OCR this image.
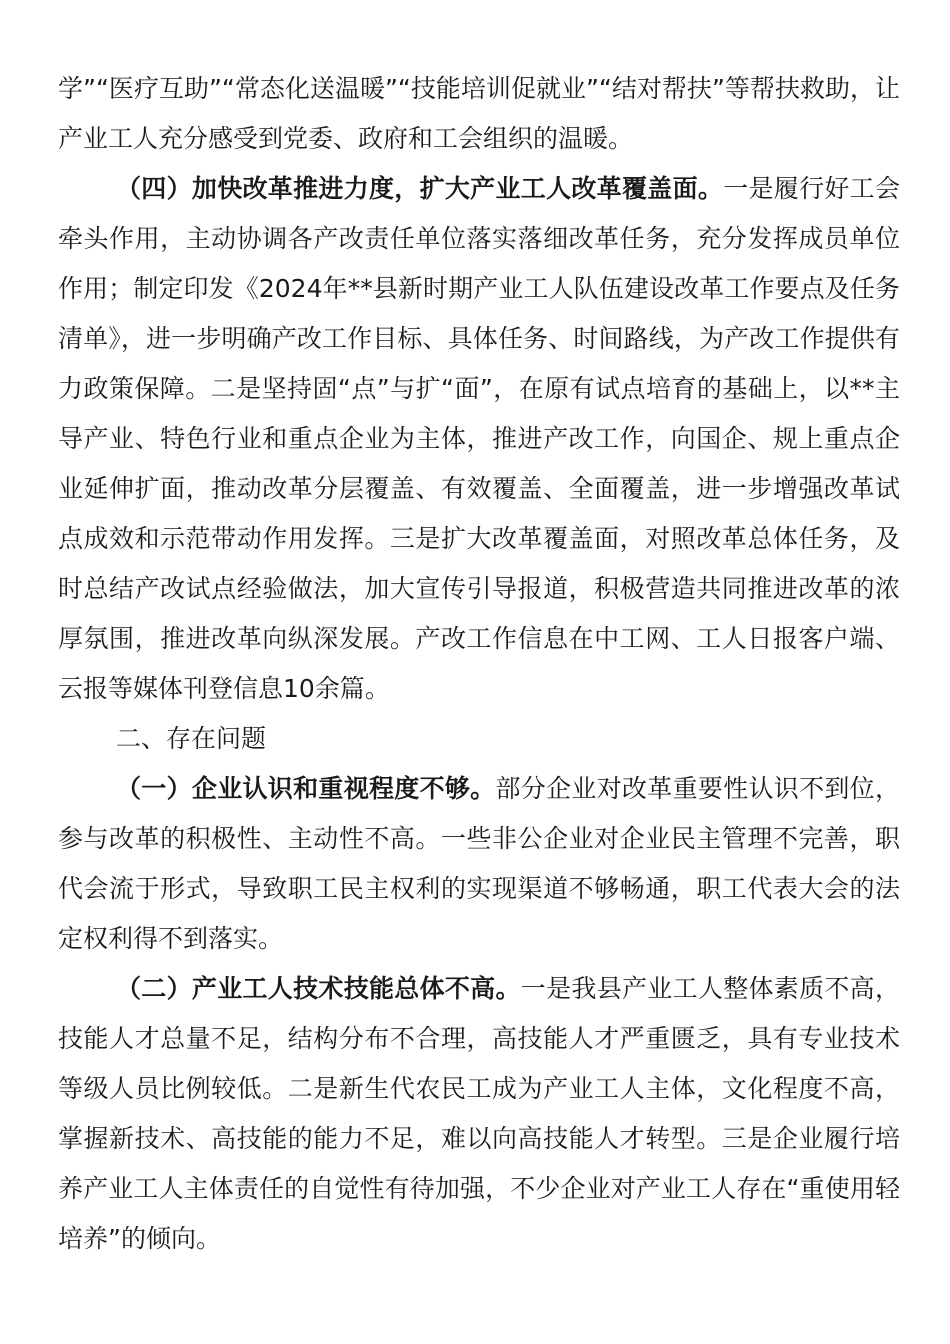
学”“医疗互助”“常态化送温暖”“技能培训促就业”“结对帮扶”等帮扶救助，让产业工人充分感受到党委、政府和工会组织的温暖。

（四）加快改革推进力度，扩大产业工人改革覆盖面。一是履行好工会牵头作用，主动协调各产改责任单位落实落细改革任务，充分发挥成员单位作用；制定印发《2024年**县新时期产业工人队伍建设改革工作要点及任务清单》，进一步明确产改工作目标、具体任务、时间路线，为产改工作提供有力政策保障。二是坚持固“点”与扩“面”，在原有试点培育的基础上，以**主导产业、特色行业和重点企业为主体，推进产改工作，向国企、规上重点企业延伸扩面，推动改革分层覆盖、有效覆盖、全面覆盖，进一步增强改革试点成效和示范带动作用发挥。三是扩大改革覆盖面，对照改革总体任务，及时总结产改试点经验做法，加大宣传引导报道，积极营造共同推进改革的浓厚氛围，推进改革向纵深发展。产改工作信息在中工网、工人日报客户端、云报等媒体刊登信息10余篇。

二、存在问题

（一）企业认识和重视程度不够。部分企业对改革重要性认识不到位，参与改革的积极性、主动性不高。一些非公企业对企业民主管理不完善，职代会流于形式，导致职工民主权利的实现渠道不够畅通，职工代表大会的法定权利得不到落实。

（二）产业工人技术技能总体不高。一是我县产业工人整体素质不高，技能人才总量不足，结构分布不合理，高技能人才严重匮乏，具有专业技术等级人员比例较低。二是新生代农民工成为产业工人主体，文化程度不高，掌握新技术、高技能的能力不足，难以向高技能人才转型。三是企业履行培养产业工人主体责任的自觉性有待加强，不少企业对产业工人存在“重使用轻培养”的倾向。
